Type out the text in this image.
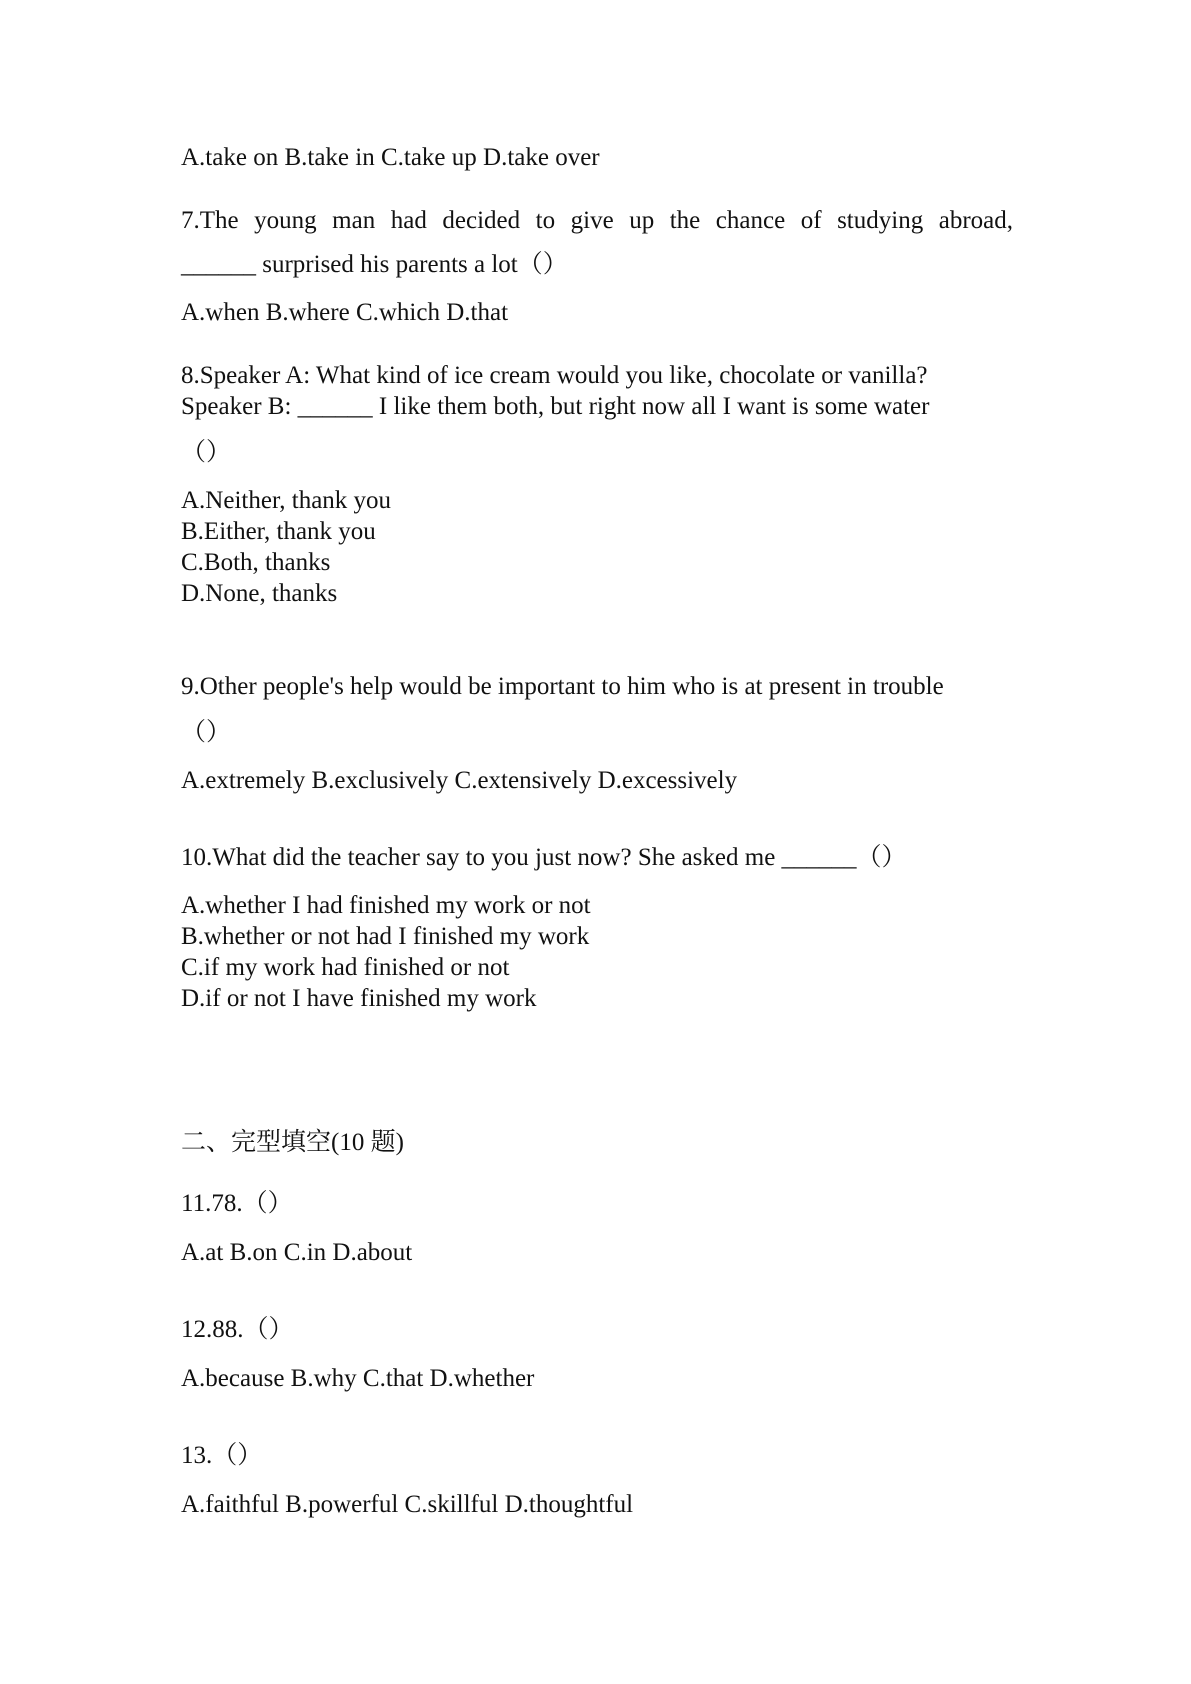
A.take on B.take in C.take up D.take over
7.The young man had decided to give up the chance of studying abroad,
______ surprised his parents a lot（）
A.when B.where C.which D.that
8.Speaker A: What kind of ice cream would you like, chocolate or vanilla?
Speaker B: ______ I like them both, but right now all I want is some water
（）
A.Neither, thank you
B.Either, thank you
C.Both, thanks
D.None, thanks
9.Other people's help would be important to him who is at present in trouble
（）
A.extremely B.exclusively C.extensively D.excessively
10.What did the teacher say to you just now? She asked me ______（）
A.whether I had finished my work or not
B.whether or not had I finished my work
C.if my work had finished or not
D.if or not I have finished my work
二、完型填空(10 题)
11.78.（）
A.at B.on C.in D.about
12.88.（）
A.because B.why C.that D.whether
13.（）
A.faithful B.powerful C.skillful D.thoughtful
